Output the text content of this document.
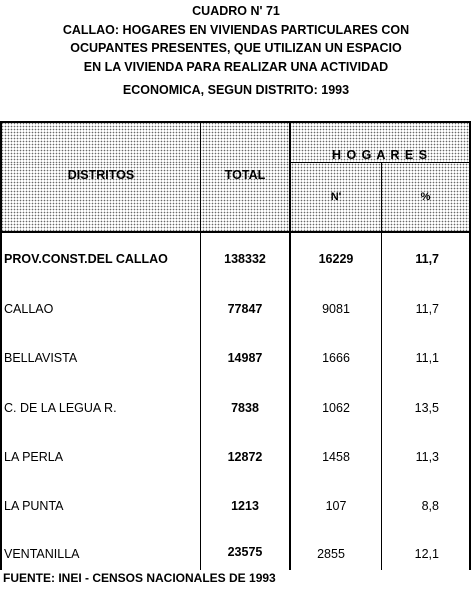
CUADRO N' 71
CALLAO: HOGARES EN VIVIENDAS PARTICULARES CON
OCUPANTES PRESENTES, QUE UTILIZAN UN ESPACIO
EN LA VIVIENDA PARA REALIZAR UNA ACTIVIDAD
ECONOMICA, SEGUN DISTRITO: 1993
DISTRITOS	TOTAL
H O G A R E S
N'	%
PROV.CONST.DEL CALLAO	138332	16229	11,7
CALLAO	77847	9081	11,7
BELLAVISTA	14987	1666	11,1
C. DE LA LEGUA R.	7838	1062	13,5
LA PERLA	12872	1458	11,3
LA PUNTA	1213	107	8,8
VENTANILLA	23575	2855	12,1
FUENTE: INEI - CENSOS NACIONALES DE 1993
